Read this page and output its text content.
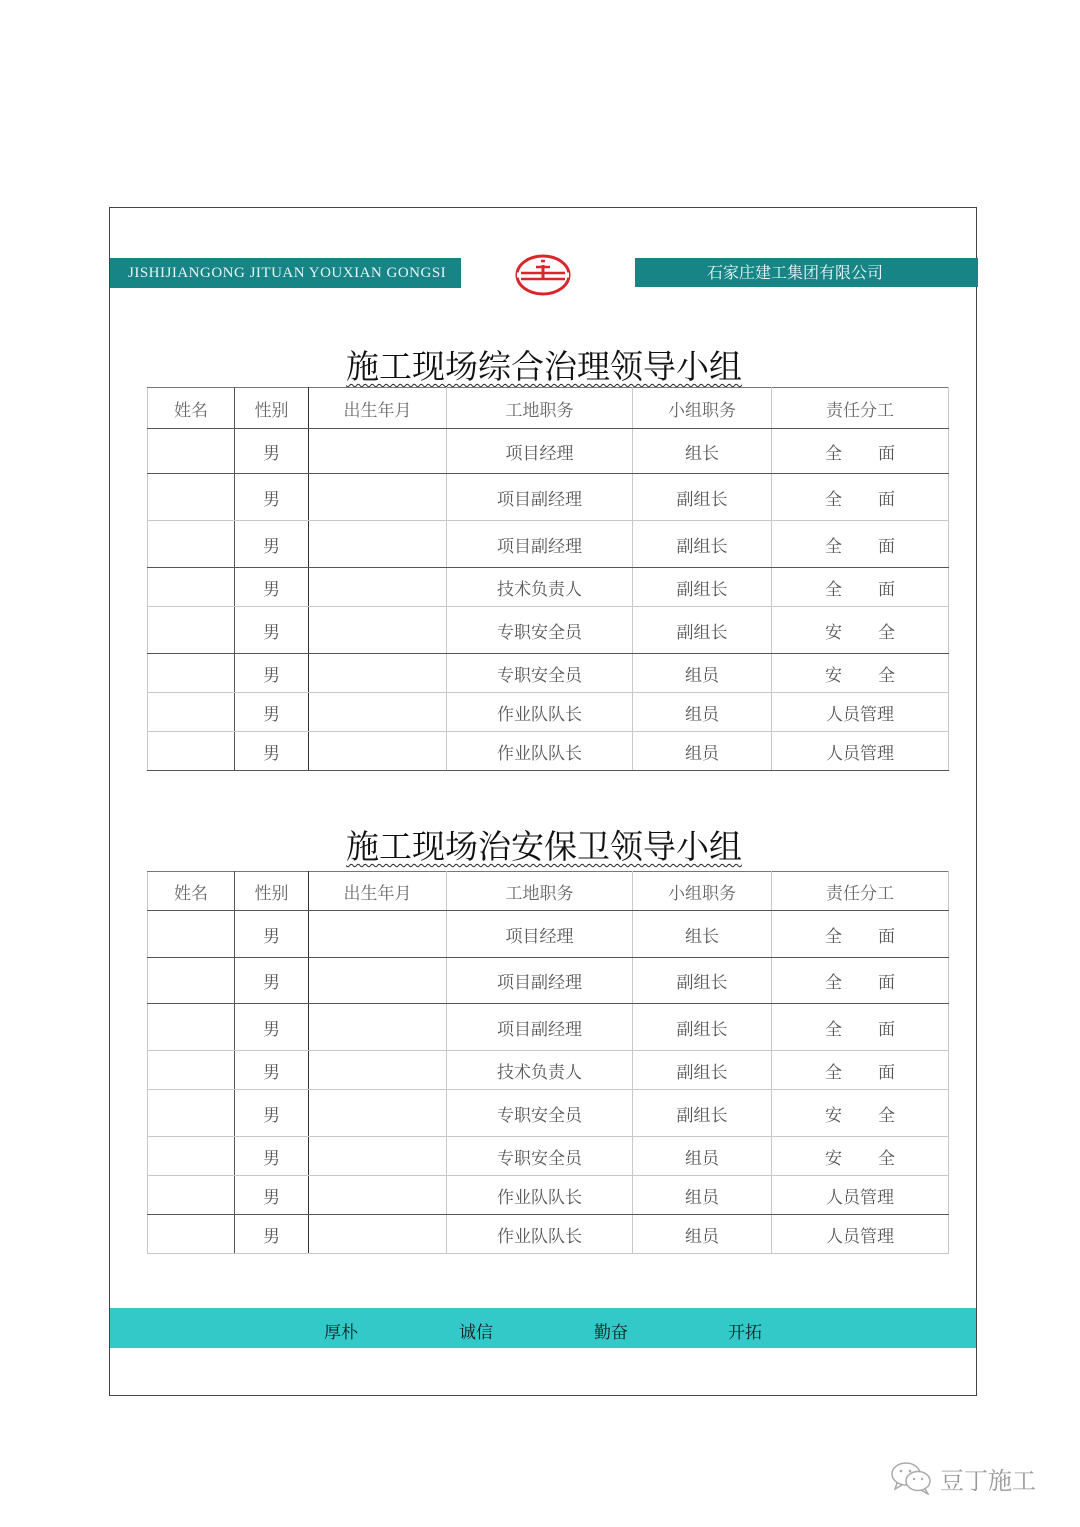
JISHIJIANGONG JITUAN YOUXIAN GONGSI	石家庄建工集团有限公司
施工现场综合治理领导小组
姓名	性别	出生年月	工地职务	小组职务	责任分工
	男		项目经理	组长	全 面
	男		项目副经理	副组长	全 面
	男		项目副经理	副组长	全 面
	男		技术负责人	副组长	全 面
	男		专职安全员	副组长	安 全
	男		专职安全员	组员	安 全
	男		作业队队长	组员	人员管理
	男		作业队队长	组员	人员管理
施工现场治安保卫领导小组
姓名	性别	出生年月	工地职务	小组职务	责任分工
	男		项目经理	组长	全 面
	男		项目副经理	副组长	全 面
	男		项目副经理	副组长	全 面
	男		技术负责人	副组长	全 面
	男		专职安全员	副组长	安 全
	男		专职安全员	组员	安 全
	男		作业队队长	组员	人员管理
	男		作业队队长	组员	人员管理
厚朴	诚信	勤奋	开拓
豆丁施工
